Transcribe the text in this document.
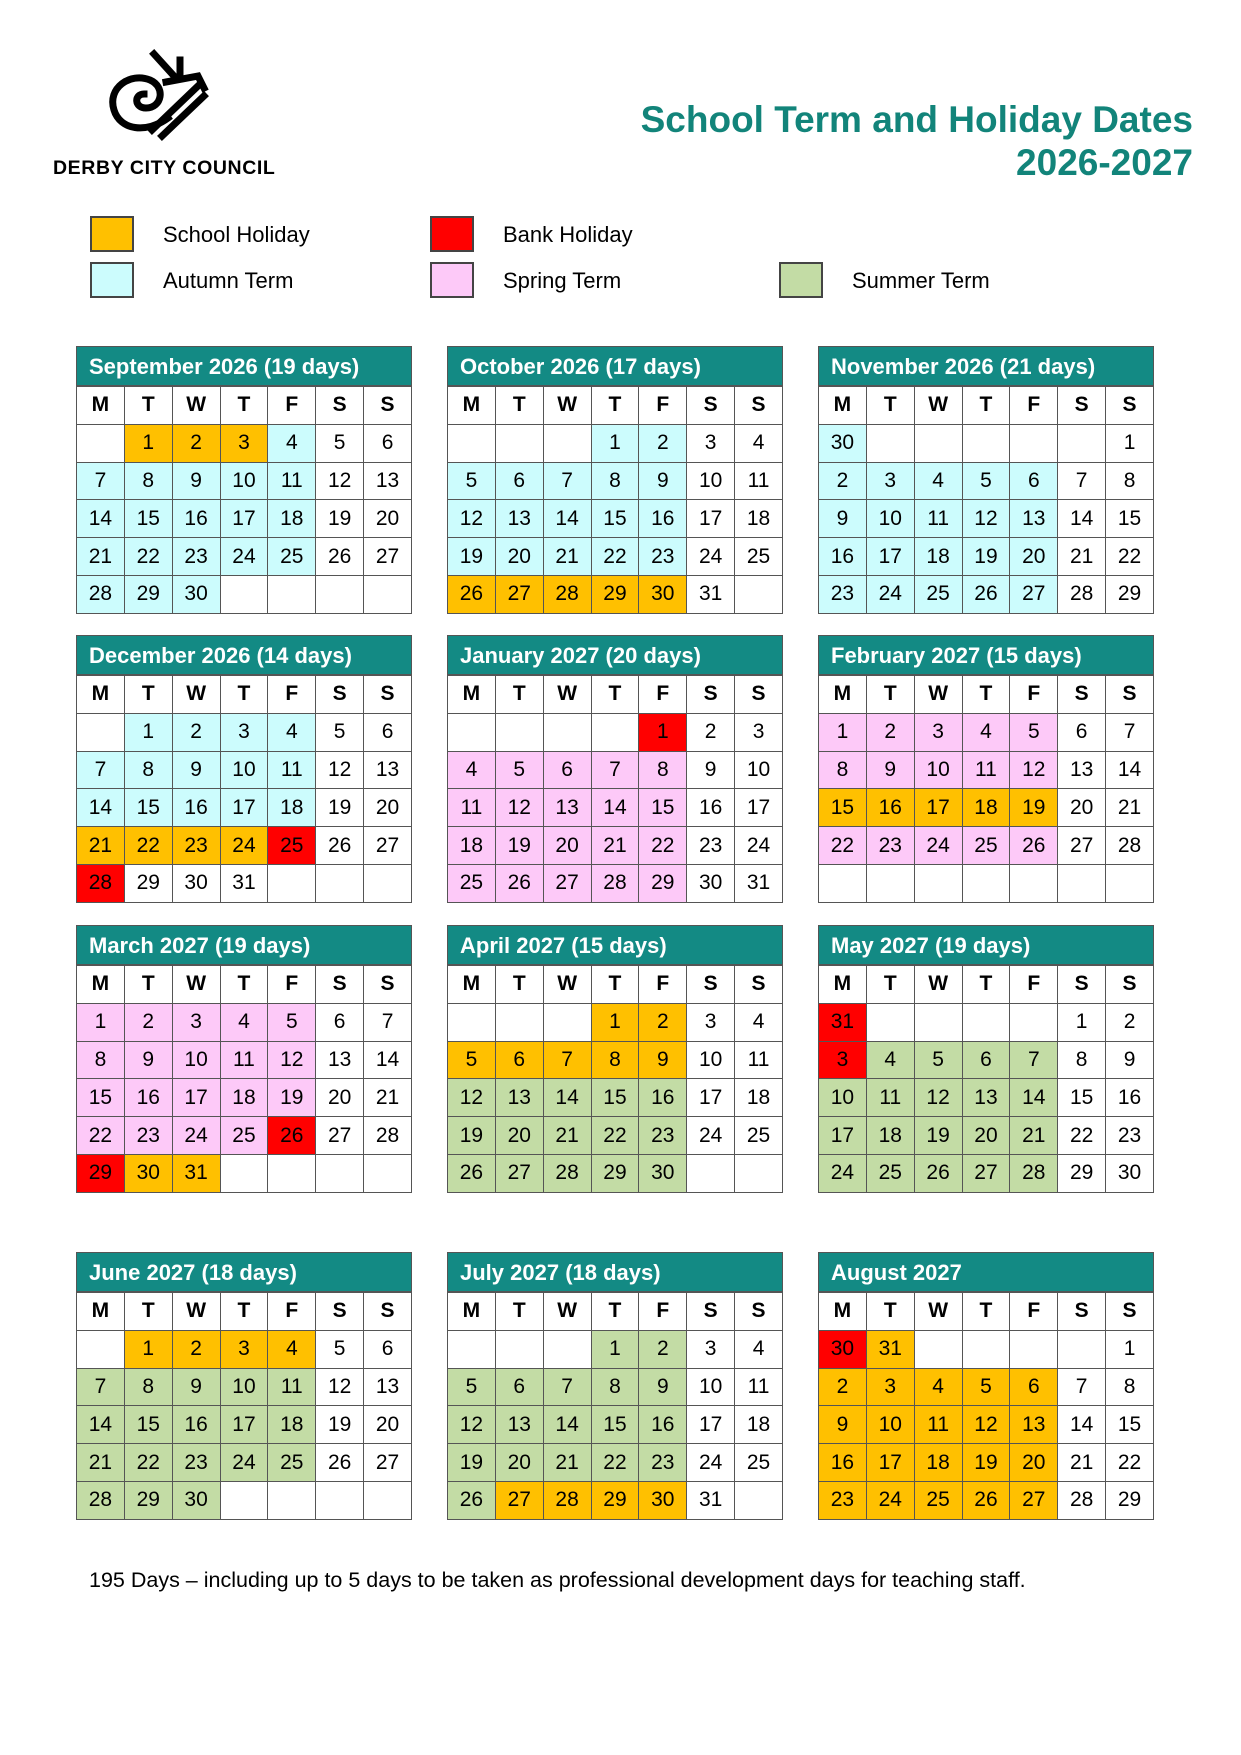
DERBY CITY COUNCIL
School Term and Holiday Dates
2026-2027
School Holiday	Bank Holiday
Autumn Term	Spring Term	Summer Term
September 2026 (19 days)
M	T	W	T	F	S	S
	1	2	3	4	5	6
7	8	9	10	11	12	13
14	15	16	17	18	19	20
21	22	23	24	25	26	27
28	29	30				
October 2026 (17 days)
M	T	W	T	F	S	S
			1	2	3	4
5	6	7	8	9	10	11
12	13	14	15	16	17	18
19	20	21	22	23	24	25
26	27	28	29	30	31	
November 2026 (21 days)
M	T	W	T	F	S	S
30						1
2	3	4	5	6	7	8
9	10	11	12	13	14	15
16	17	18	19	20	21	22
23	24	25	26	27	28	29
December 2026 (14 days)
M	T	W	T	F	S	S
	1	2	3	4	5	6
7	8	9	10	11	12	13
14	15	16	17	18	19	20
21	22	23	24	25	26	27
28	29	30	31			
January 2027 (20 days)
M	T	W	T	F	S	S
				1	2	3
4	5	6	7	8	9	10
11	12	13	14	15	16	17
18	19	20	21	22	23	24
25	26	27	28	29	30	31
February 2027 (15 days)
M	T	W	T	F	S	S
1	2	3	4	5	6	7
8	9	10	11	12	13	14
15	16	17	18	19	20	21
22	23	24	25	26	27	28

March 2027 (19 days)
M	T	W	T	F	S	S
1	2	3	4	5	6	7
8	9	10	11	12	13	14
15	16	17	18	19	20	21
22	23	24	25	26	27	28
29	30	31				
April 2027 (15 days)
M	T	W	T	F	S	S
			1	2	3	4
5	6	7	8	9	10	11
12	13	14	15	16	17	18
19	20	21	22	23	24	25
26	27	28	29	30		
May 2027 (19 days)
M	T	W	T	F	S	S
31					1	2
3	4	5	6	7	8	9
10	11	12	13	14	15	16
17	18	19	20	21	22	23
24	25	26	27	28	29	30
June 2027 (18 days)
M	T	W	T	F	S	S
	1	2	3	4	5	6
7	8	9	10	11	12	13
14	15	16	17	18	19	20
21	22	23	24	25	26	27
28	29	30				
July 2027 (18 days)
M	T	W	T	F	S	S
			1	2	3	4
5	6	7	8	9	10	11
12	13	14	15	16	17	18
19	20	21	22	23	24	25
26	27	28	29	30	31	
August 2027
M	T	W	T	F	S	S
30	31					1
2	3	4	5	6	7	8
9	10	11	12	13	14	15
16	17	18	19	20	21	22
23	24	25	26	27	28	29
195 Days – including up to 5 days to be taken as professional development days for teaching staff.
